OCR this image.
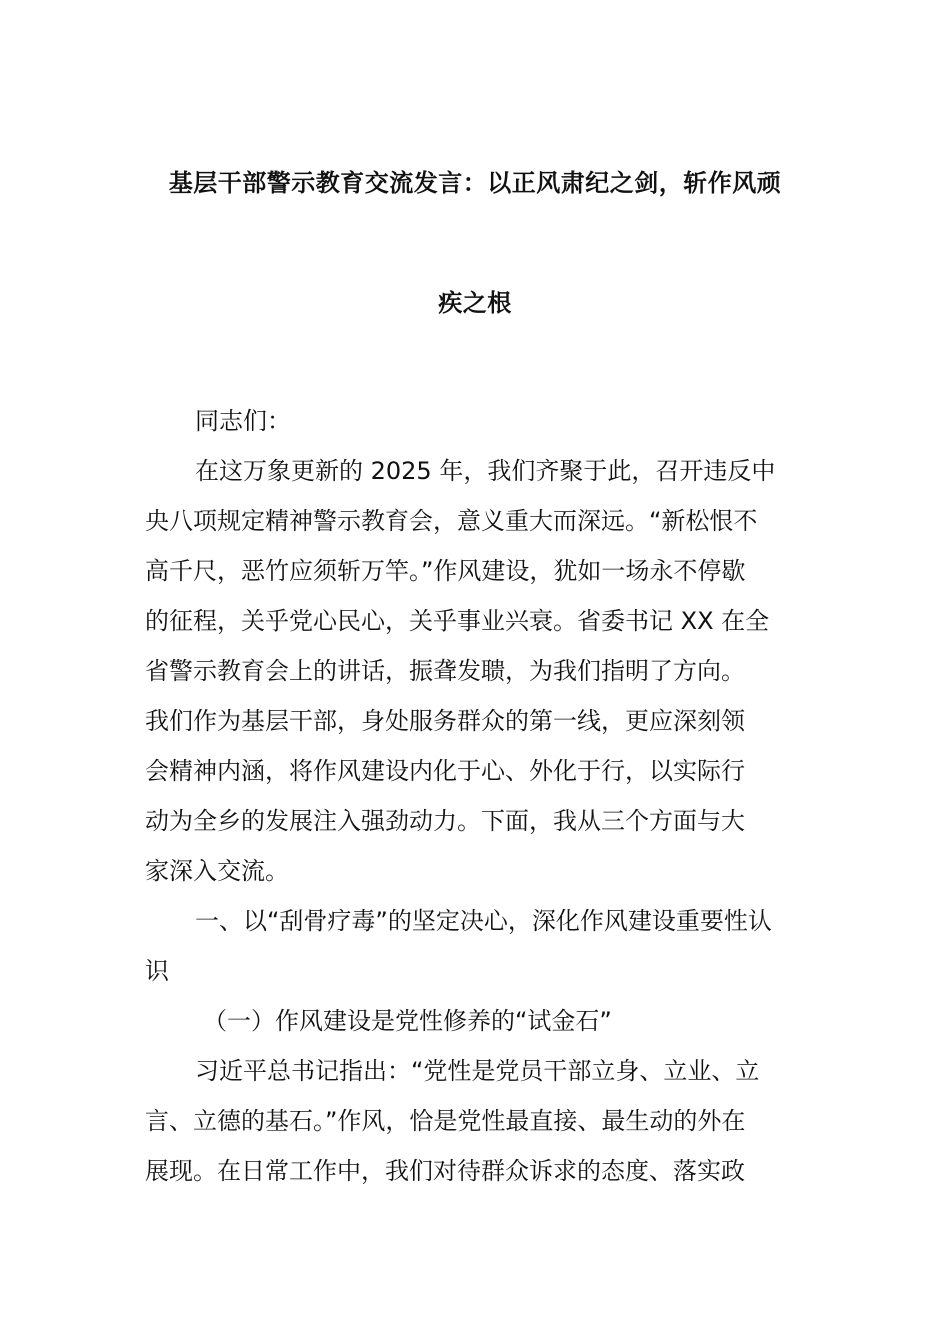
基层干部警示教育交流发言：以正风肃纪之剑，斩作风顽
疾之根
同志们：
在这万象更新的 2025 年，我们齐聚于此，召开违反中
央八项规定精神警示教育会，意义重大而深远。“新松恨不
高千尺，恶竹应须斩万竿。”作风建设，犹如一场永不停歇
的征程，关乎党心民心，关乎事业兴衰。省委书记 XX 在全
省警示教育会上的讲话，振聋发聩，为我们指明了方向。
我们作为基层干部，身处服务群众的第一线，更应深刻领
会精神内涵，将作风建设内化于心、外化于行，以实际行
动为全乡的发展注入强劲动力。下面，我从三个方面与大
家深入交流。
一、以“刮骨疗毒”的坚定决心，深化作风建设重要性认
识
（一）作风建设是党性修养的“试金石”
习近平总书记指出：“党性是党员干部立身、立业、立
言、立德的基石。”作风，恰是党性最直接、最生动的外在
展现。在日常工作中，我们对待群众诉求的态度、落实政
